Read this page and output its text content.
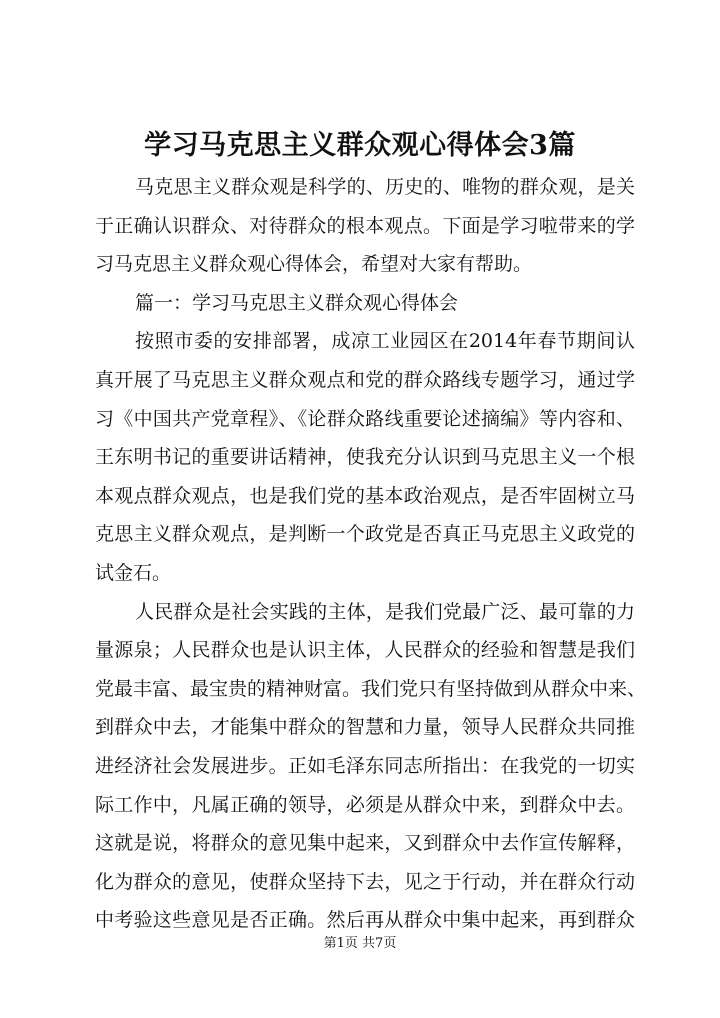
学习马克思主义群众观心得体会3篇
马克思主义群众观是科学的、历史的、唯物的群众观，是关
于正确认识群众、对待群众的根本观点。下面是学习啦带来的学
习马克思主义群众观心得体会，希望对大家有帮助。
篇一：学习马克思主义群众观心得体会
按照市委的安排部署，成凉工业园区在2014年春节期间认
真开展了马克思主义群众观点和党的群众路线专题学习，通过学
习《中国共产党章程》、《论群众路线重要论述摘编》等内容和、
王东明书记的重要讲话精神，使我充分认识到马克思主义一个根
本观点群众观点，也是我们党的基本政治观点，是否牢固树立马
克思主义群众观点，是判断一个政党是否真正马克思主义政党的
试金石。
人民群众是社会实践的主体，是我们党最广泛、最可靠的力
量源泉；人民群众也是认识主体，人民群众的经验和智慧是我们
党最丰富、最宝贵的精神财富。我们党只有坚持做到从群众中来、
到群众中去，才能集中群众的智慧和力量，领导人民群众共同推
进经济社会发展进步。正如毛泽东同志所指出：在我党的一切实
际工作中，凡属正确的领导，必须是从群众中来，到群众中去。
这就是说，将群众的意见集中起来，又到群众中去作宣传解释，
化为群众的意见，使群众坚持下去，见之于行动，并在群众行动
中考验这些意见是否正确。然后再从群众中集中起来，再到群众
第1页 共7页
